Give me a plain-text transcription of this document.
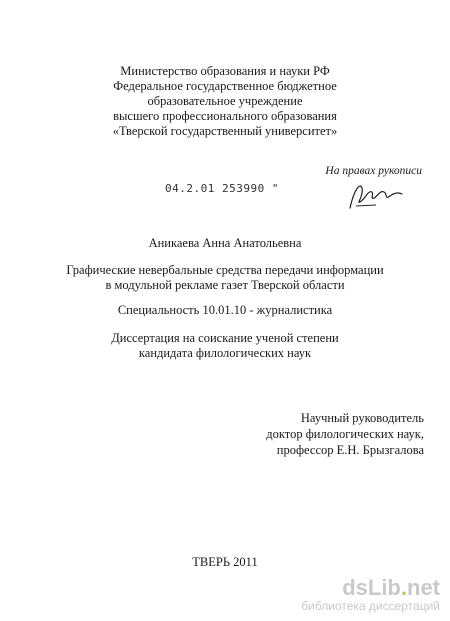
Министерство образования и науки РФ
Федеральное государственное бюджетное
образовательное учреждение
высшего профессионального образования
«Тверской государственный университет»
На правах рукописи
04.2.01 253990 "
Аникаева Анна Анатольевна
Графические невербальные средства передачи информации
в модульной рекламе газет Тверской области
Специальность 10.01.10 - журналистика
Диссертация на соискание ученой степени
кандидата филологических наук
Научный руководитель
доктор филологических наук,
профессор Е.Н. Брызгалова
ТВЕРЬ 2011
dsLib.net
библиотека диссертаций
